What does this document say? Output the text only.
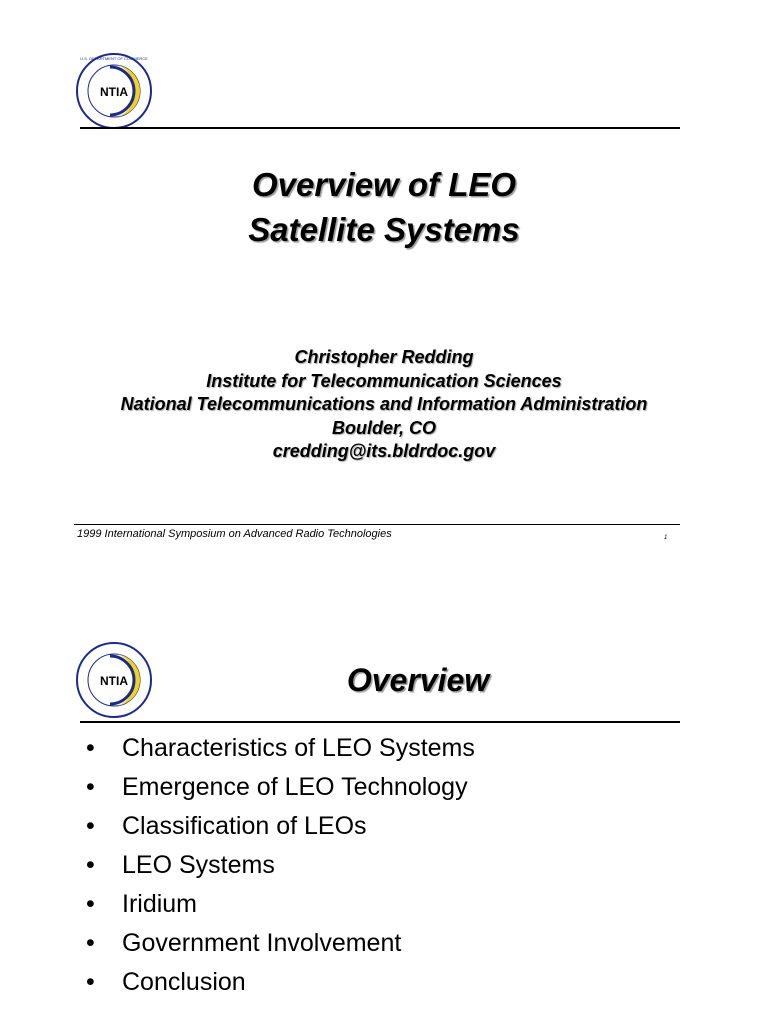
NTIA
U.S. DEPARTMENT OF COMMERCE
Overview of LEO
Satellite Systems
Christopher Redding
Institute for Telecommunication Sciences
National Telecommunications and Information Administration
Boulder, CO
credding@its.bldrdoc.gov
1999 International Symposium on Advanced Radio Technologies	1
NTIA	Overview
• Characteristics of LEO Systems
• Emergence of LEO Technology
• Classification of LEOs
• LEO Systems
• Iridium
• Government Involvement
• Conclusion
